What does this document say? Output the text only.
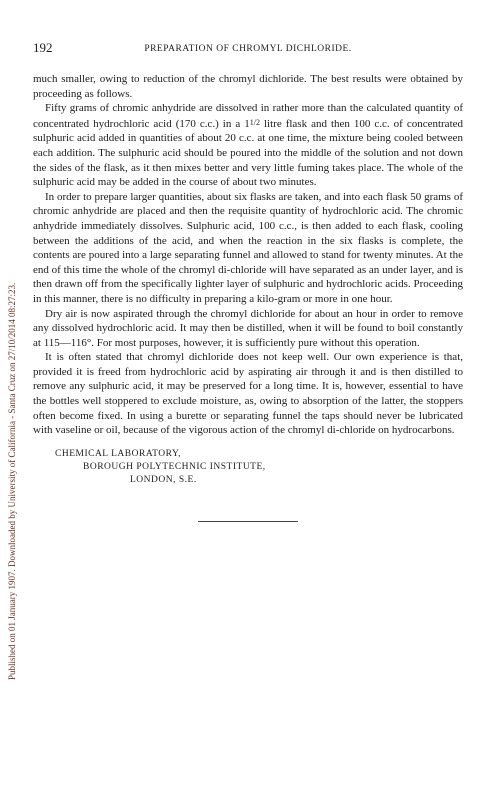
Published on 01 January 1907. Downloaded by University of California - Santa Cruz on 27/10/2014 08:27:23.
192	PREPARATION OF CHROMYL DICHLORIDE.

much smaller, owing to reduction of the chromyl dichloride. The best results were obtained by proceeding as follows.

Fifty grams of chromic anhydride are dissolved in rather more than the calculated quantity of concentrated hydrochloric acid (170 c.c.) in a 11/2 litre flask and then 100 c.c. of concentrated sulphuric acid added in quantities of about 20 c.c. at one time, the mixture being cooled between each addition. The sulphuric acid should be poured into the middle of the solution and not down the sides of the flask, as it then mixes better and very little fuming takes place. The whole of the sulphuric acid may be added in the course of about two minutes.

In order to prepare larger quantities, about six flasks are taken, and into each flask 50 grams of chromic anhydride are placed and then the requisite quantity of hydrochloric acid. The chromic anhydride immediately dissolves. Sulphuric acid, 100 c.c., is then added to each flask, cooling between the additions of the acid, and when the reaction in the six flasks is complete, the contents are poured into a large separating funnel and allowed to stand for twenty minutes. At the end of this time the whole of the chromyl di-chloride will have separated as an under layer, and is then drawn off from the specifically lighter layer of sulphuric and hydrochloric acids. Proceeding in this manner, there is no difficulty in preparing a kilo-gram or more in one hour.

Dry air is now aspirated through the chromyl dichloride for about an hour in order to remove any dissolved hydrochloric acid. It may then be distilled, when it will be found to boil constantly at 115—116°. For most purposes, however, it is sufficiently pure without this operation.

It is often stated that chromyl dichloride does not keep well. Our own experience is that, provided it is freed from hydrochloric acid by aspirating air through it and is then distilled to remove any sulphuric acid, it may be preserved for a long time. It is, however, essential to have the bottles well stoppered to exclude moisture, as, owing to absorption of the latter, the stoppers often become fixed. In using a burette or separating funnel the taps should never be lubricated with vaseline or oil, because of the vigorous action of the chromyl di-chloride on hydrocarbons.

CHEMICAL LABORATORY,
BOROUGH POLYTECHNIC INSTITUTE,
LONDON, S.E.
